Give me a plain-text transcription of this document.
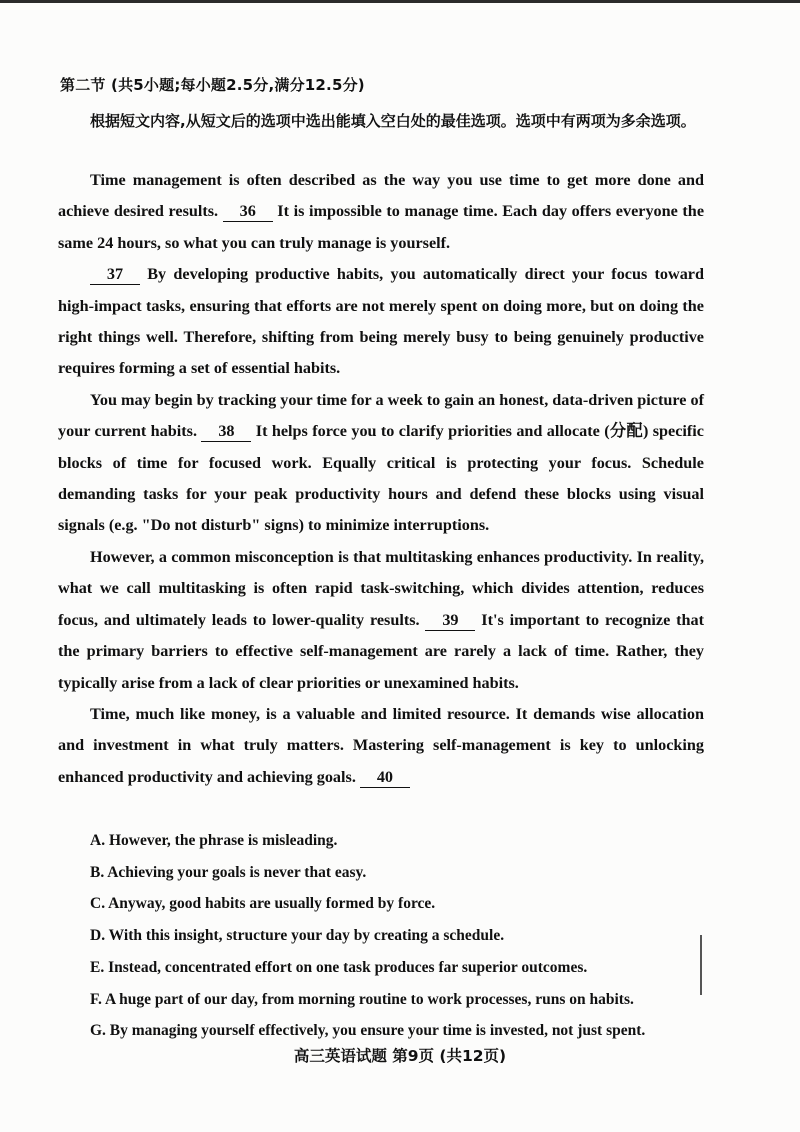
第二节 (共5小题;每小题2.5分,满分12.5分)
根据短文内容,从短文后的选项中选出能填入空白处的最佳选项。选项中有两项为多余选项。

Time management is often described as the way you use time to get more done and achieve desired results. 36 It is impossible to manage time. Each day offers everyone the same 24 hours, so what you can truly manage is yourself.

37 By developing productive habits, you automatically direct your focus toward high-impact tasks, ensuring that efforts are not merely spent on doing more, but on doing the right things well. Therefore, shifting from being merely busy to being genuinely productive requires forming a set of essential habits.

You may begin by tracking your time for a week to gain an honest, data-driven picture of your current habits. 38 It helps force you to clarify priorities and allocate (分配) specific blocks of time for focused work. Equally critical is protecting your focus. Schedule demanding tasks for your peak productivity hours and defend these blocks using visual signals (e.g. "Do not disturb" signs) to minimize interruptions.

However, a common misconception is that multitasking enhances productivity. In reality, what we call multitasking is often rapid task-switching, which divides attention, reduces focus, and ultimately leads to lower-quality results. 39 It's important to recognize that the primary barriers to effective self-management are rarely a lack of time. Rather, they typically arise from a lack of clear priorities or unexamined habits.

Time, much like money, is a valuable and limited resource. It demands wise allocation and investment in what truly matters. Mastering self-management is key to unlocking enhanced productivity and achieving goals. 40

A. However, the phrase is misleading.
B. Achieving your goals is never that easy.
C. Anyway, good habits are usually formed by force.
D. With this insight, structure your day by creating a schedule.
E. Instead, concentrated effort on one task produces far superior outcomes.
F. A huge part of our day, from morning routine to work processes, runs on habits.
G. By managing yourself effectively, you ensure your time is invested, not just spent.
高三英语试题 第9页 (共12页)
